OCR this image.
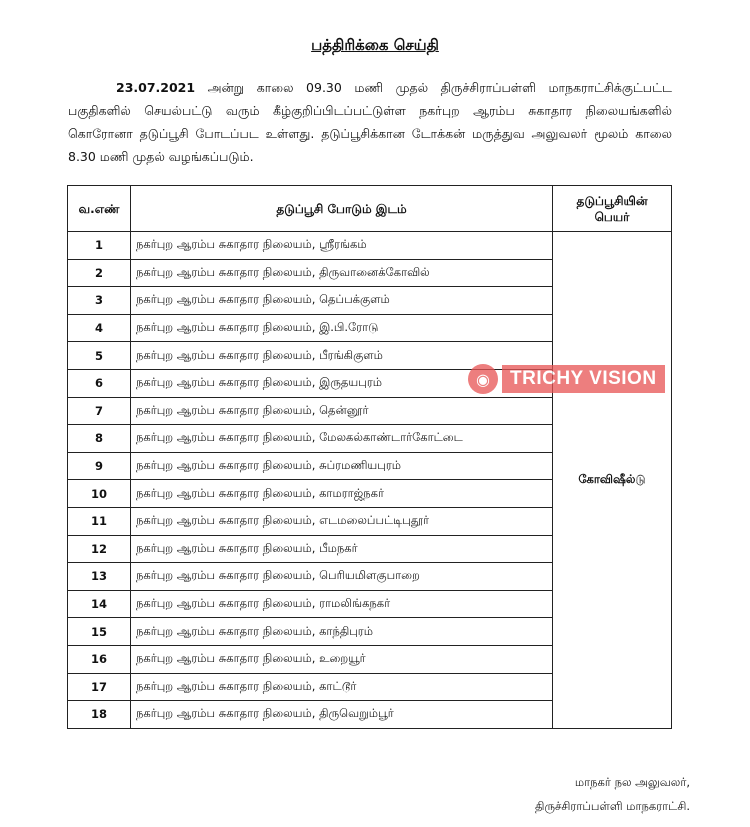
பத்திரிக்கை செய்தி
23.07.2021 அன்று காலை 09.30 மணி முதல் திருச்சிராப்பள்ளி மாநகராட்சிக்குட்பட்ட பகுதிகளில் செயல்பட்டு வரும் கீழ்குறிப்பிடப்பட்டுள்ள நகர்புற ஆரம்ப சுகாதார நிலையங்களில் கொரோனா தடுப்பூசி போடப்பட உள்ளது. தடுப்பூசிக்கான டோக்கன் மருத்துவ அலுவலர் மூலம் காலை 8.30 மணி முதல் வழங்கப்படும்.
வ.எண்	தடுப்பூசி போடும் இடம்	தடுப்பூசியின்
பெயர்
1	நகர்புற ஆரம்ப சுகாதார நிலையம், ஸ்ரீரங்கம்	கோவிஷீல்டு
2	நகர்புற ஆரம்ப சுகாதார நிலையம், திருவானைக்கோவில்	
3	நகர்புற ஆரம்ப சுகாதார நிலையம், தெப்பக்குளம்	
4	நகர்புற ஆரம்ப சுகாதார நிலையம், இ.பி.ரோடு	
5	நகர்புற ஆரம்ப சுகாதார நிலையம், பீரங்கிகுளம்	
6	நகர்புற ஆரம்ப சுகாதார நிலையம், இருதயபுரம்	
7	நகர்புற ஆரம்ப சுகாதார நிலையம், தென்னூர்	
8	நகர்புற ஆரம்ப சுகாதார நிலையம், மேலகல்காண்டார்கோட்டை	
9	நகர்புற ஆரம்ப சுகாதார நிலையம், சுப்ரமணியபுரம்	
10	நகர்புற ஆரம்ப சுகாதார நிலையம், காமராஜ்நகர்	
11	நகர்புற ஆரம்ப சுகாதார நிலையம், எடமலைப்பட்டிபுதூர்	
12	நகர்புற ஆரம்ப சுகாதார நிலையம், பீமநகர்	
13	நகர்புற ஆரம்ப சுகாதார நிலையம், பெரியமிளகுபாறை	
14	நகர்புற ஆரம்ப சுகாதார நிலையம், ராமலிங்கநகர்	
15	நகர்புற ஆரம்ப சுகாதார நிலையம், காந்திபுரம்	
16	நகர்புற ஆரம்ப சுகாதார நிலையம், உறையூர்	
17	நகர்புற ஆரம்ப சுகாதார நிலையம், காட்டூர்	
18	நகர்புற ஆரம்ப சுகாதார நிலையம், திருவெறும்பூர்	
◉	TRICHY VISION
மாநகர் நல அலுவலர்,
திருச்சிராப்பள்ளி மாநகராட்சி.
